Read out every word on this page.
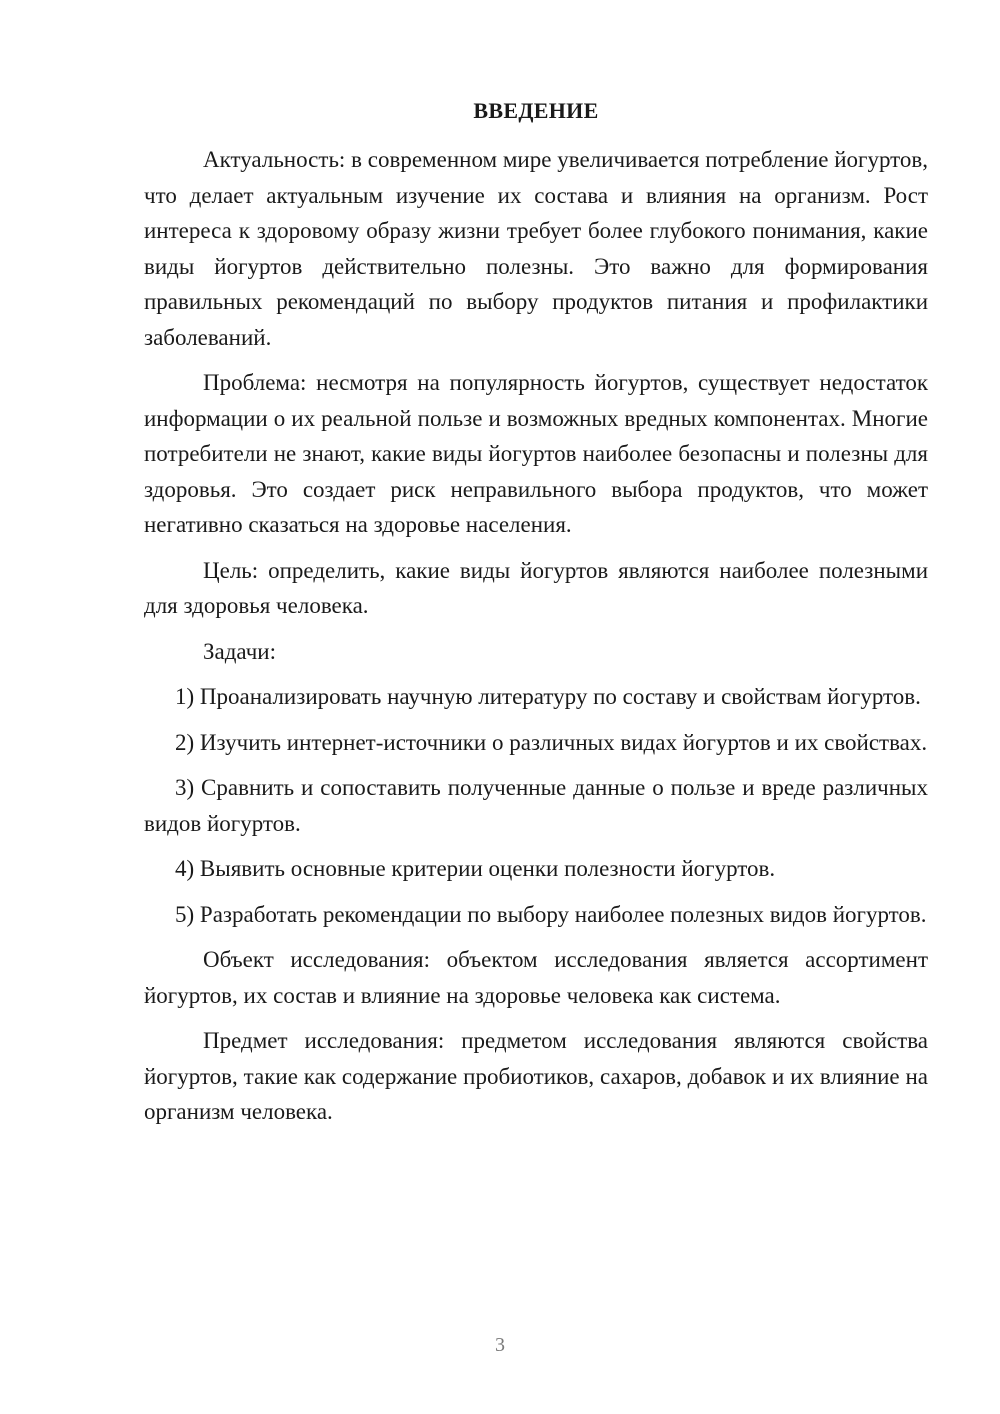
ВВЕДЕНИЕ

Актуальность: в современном мире увеличивается потребление йогуртов, что делает актуальным изучение их состава и влияния на организм. Рост интереса к здоровому образу жизни требует более глубокого понимания, какие виды йогуртов действительно полезны. Это важно для формирования правильных рекомендаций по выбору продуктов питания и профилактики заболеваний.

Проблема: несмотря на популярность йогуртов, существует недостаток информации о их реальной пользе и возможных вредных компонентах. Многие потребители не знают, какие виды йогуртов наиболее безопасны и полезны для здоровья. Это создает риск неправильного выбора продуктов, что может негативно сказаться на здоровье населения.

Цель: определить, какие виды йогуртов являются наиболее полезными для здоровья человека.

Задачи:

1) Проанализировать научную литературу по составу и свойствам йогуртов.

2) Изучить интернет-источники о различных видах йогуртов и их свойствах.

3) Сравнить и сопоставить полученные данные о пользе и вреде различных видов йогуртов.

4) Выявить основные критерии оценки полезности йогуртов.

5) Разработать рекомендации по выбору наиболее полезных видов йогуртов.

Объект исследования: объектом исследования является ассортимент йогуртов, их состав и влияние на здоровье человека как система.

Предмет исследования: предметом исследования являются свойства йогуртов, такие как содержание пробиотиков, сахаров, добавок и их влияние на организм человека.

3
